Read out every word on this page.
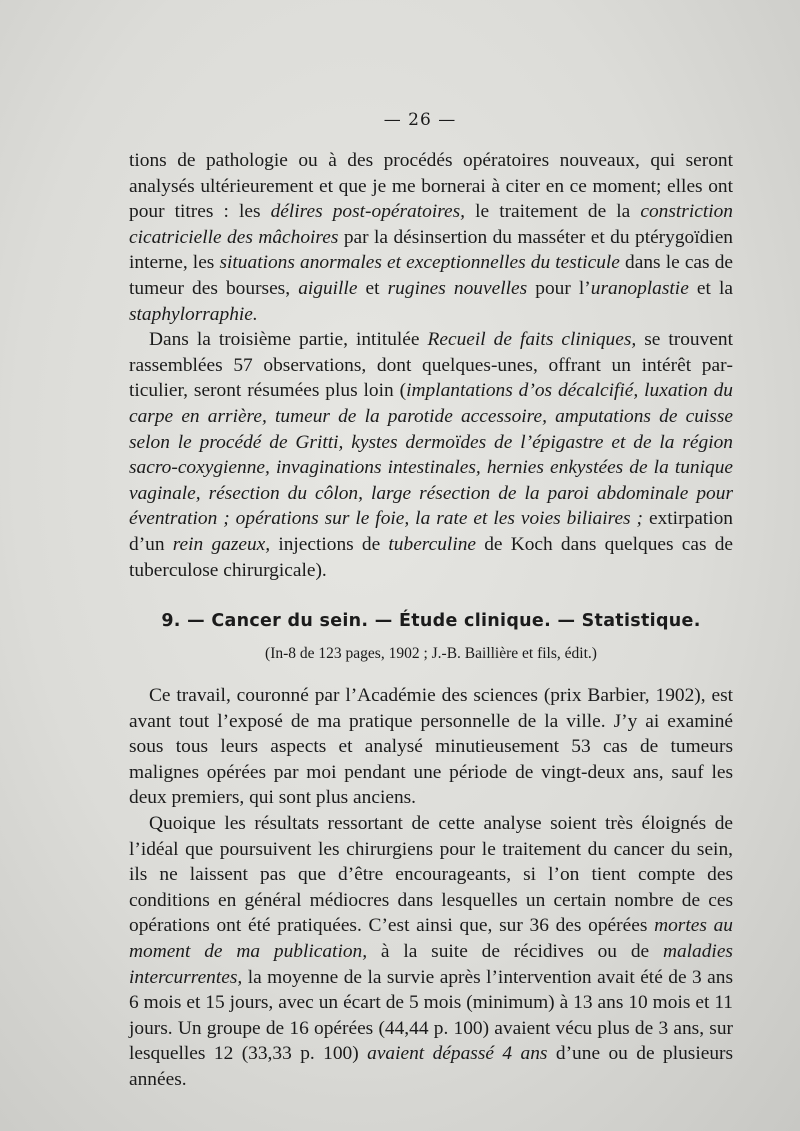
— 26 —

tions de pathologie ou à des procédés opératoires nouveaux, qui seront analysés ultérieurement et que je me bornerai à citer en ce moment; elles ont pour titres : les délires post-opératoires, le traitement de la constriction cicatricielle des mâchoires par la désinsertion du masséter et du ptérygoïdien interne, les situations anormales et exceptionnelles du testicule dans le cas de tumeur des bourses, aiguille et rugines nouvelles pour l’uranoplastie et la staphylorraphie.

Dans la troisième partie, intitulée Recueil de faits cliniques, se trouvent rassemblées 57 observations, dont quelques-unes, offrant un intérêt particulier, seront résumées plus loin (implantations d’os décalcifié, luxation du carpe en arrière, tumeur de la parotide accessoire, amputations de cuisse selon le procédé de Gritti, kystes dermoïdes de l’épigastre et de la région sacro-coxygienne, invaginations intestinales, hernies enkystées de la tunique vaginale, résection du côlon, large résection de la paroi abdominale pour éventration ; opérations sur le foie, la rate et les voies biliaires ; extirpation d’un rein gazeux, injections de tuberculine de Koch dans quelques cas de tuberculose chirurgicale).

9. — Cancer du sein. — Étude clinique. — Statistique.
(In-8 de 123 pages, 1902 ; J.-B. Baillière et fils, édit.)

Ce travail, couronné par l’Académie des sciences (prix Barbier, 1902), est avant tout l’exposé de ma pratique personnelle de la ville. J’y ai examiné sous tous leurs aspects et analysé minutieusement 53 cas de tumeurs malignes opérées par moi pendant une période de vingt-deux ans, sauf les deux premiers, qui sont plus anciens.

Quoique les résultats ressortant de cette analyse soient très éloignés de l’idéal que poursuivent les chirurgiens pour le traitement du cancer du sein, ils ne laissent pas que d’être encourageants, si l’on tient compte des conditions en général médiocres dans lesquelles un certain nombre de ces opérations ont été pratiquées. C’est ainsi que, sur 36 des opérées mortes au moment de ma publication, à la suite de récidives ou de maladies intercurrentes, la moyenne de la survie après l’intervention avait été de 3 ans 6 mois et 15 jours, avec un écart de 5 mois (minimum) à 13 ans 10 mois et 11 jours. Un groupe de 16 opérées (44,44 p. 100) avaient vécu plus de 3 ans, sur lesquelles 12 (33,33 p. 100) avaient dépassé 4 ans d’une ou de plusieurs années.
